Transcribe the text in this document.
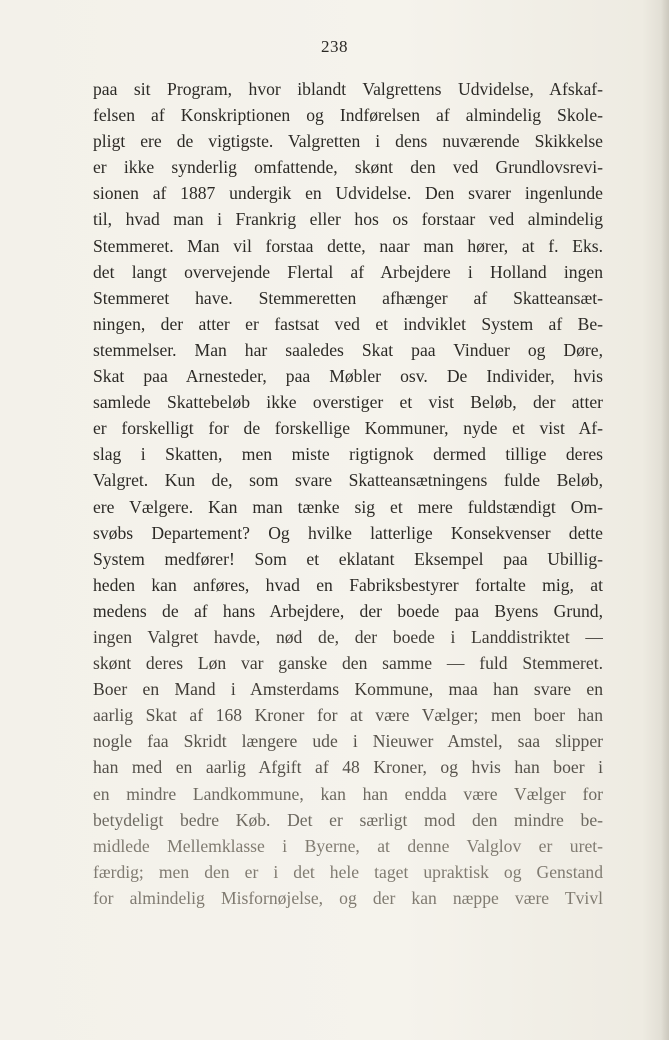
238
paa sit Program, hvor iblandt Valgrettens Udvidelse, Afskaf-
felsen af Konskriptionen og Indførelsen af almindelig Skole-
pligt ere de vigtigste. Valgretten i dens nuværende Skikkelse
er ikke synderlig omfattende, skønt den ved Grundlovsrevi-
sionen af 1887 undergik en Udvidelse. Den svarer ingenlunde
til, hvad man i Frankrig eller hos os forstaar ved almindelig
Stemmeret. Man vil forstaa dette, naar man hører, at f. Eks.
det langt overvejende Flertal af Arbejdere i Holland ingen
Stemmeret have. Stemmeretten afhænger af Skatteansæt-
ningen, der atter er fastsat ved et indviklet System af Be-
stemmelser. Man har saaledes Skat paa Vinduer og Døre,
Skat paa Arnesteder, paa Møbler osv. De Individer, hvis
samlede Skattebeløb ikke overstiger et vist Beløb, der atter
er forskelligt for de forskellige Kommuner, nyde et vist Af-
slag i Skatten, men miste rigtignok dermed tillige deres
Valgret. Kun de, som svare Skatteansætningens fulde Beløb,
ere Vælgere. Kan man tænke sig et mere fuldstændigt Om-
svøbs Departement? Og hvilke latterlige Konsekvenser dette
System medfører! Som et eklatant Eksempel paa Ubillig-
heden kan anføres, hvad en Fabriksbestyrer fortalte mig, at
medens de af hans Arbejdere, der boede paa Byens Grund,
ingen Valgret havde, nød de, der boede i Landdistriktet —
skønt deres Løn var ganske den samme — fuld Stemmeret.
Boer en Mand i Amsterdams Kommune, maa han svare en
aarlig Skat af 168 Kroner for at være Vælger; men boer han
nogle faa Skridt længere ude i Nieuwer Amstel, saa slipper
han med en aarlig Afgift af 48 Kroner, og hvis han boer i
en mindre Landkommune, kan han endda være Vælger for
betydeligt bedre Køb. Det er særligt mod den mindre be-
midlede Mellemklasse i Byerne, at denne Valglov er uret-
færdig; men den er i det hele taget upraktisk og Genstand
for almindelig Misfornøjelse, og der kan næppe være Tvivl
